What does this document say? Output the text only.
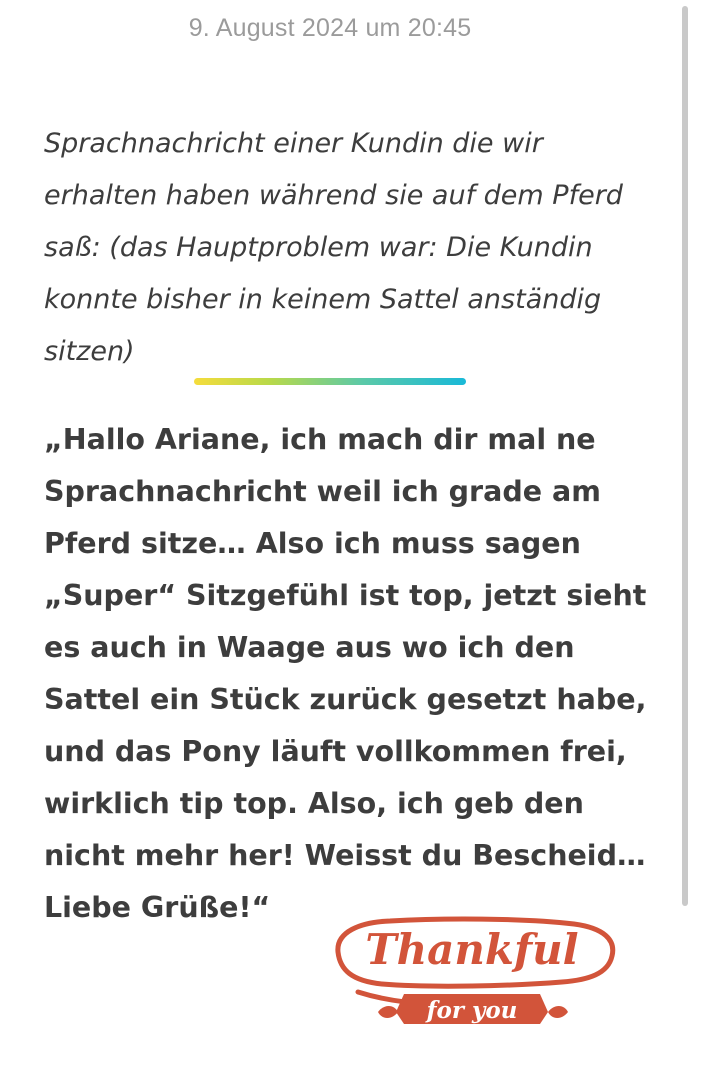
9. August 2024 um 20:45
Sprachnachricht einer Kundin die wir erhalten haben während sie auf dem Pferd saß: (das Hauptproblem war: Die Kundin konnte bisher in keinem Sattel anständig sitzen)
„Hallo Ariane, ich mach dir mal ne Sprachnachricht weil ich grade am Pferd sitze… Also ich muss sagen „Super“ Sitzgefühl ist top, jetzt sieht es auch in Waage aus wo ich den Sattel ein Stück zurück gesetzt habe, und das Pony läuft vollkommen frei, wirklich tip top. Also, ich geb den nicht mehr her! Weisst du Bescheid… Liebe Grüße!“
Thankful
for you
